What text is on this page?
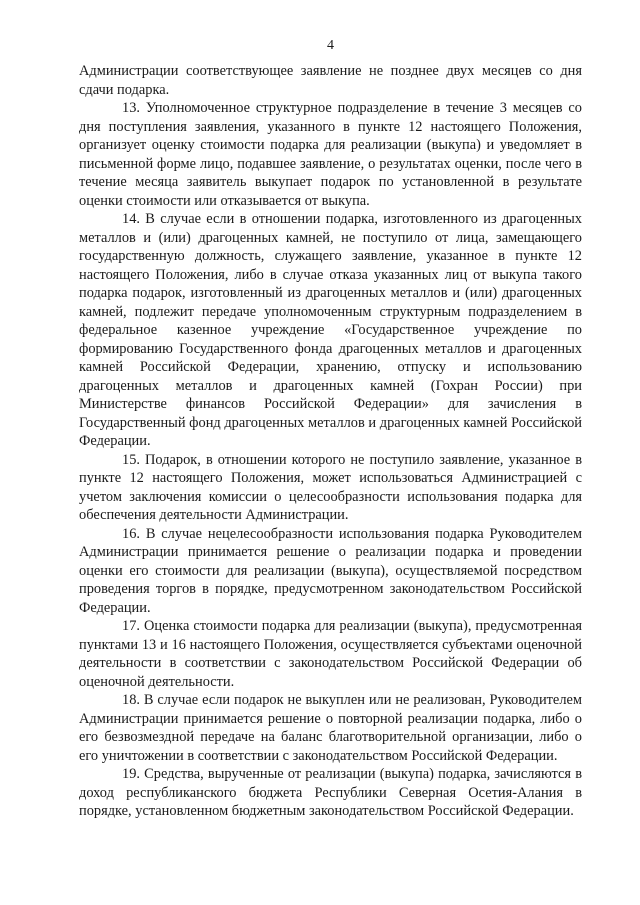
4

Администрации соответствующее заявление не позднее двух месяцев со дня сдачи подарка.

13. Уполномоченное структурное подразделение в течение 3 месяцев со дня поступления заявления, указанного в пункте 12 настоящего Положения, организует оценку стоимости подарка для реализации (выкупа) и уведомляет в письменной форме лицо, подавшее заявление, о результатах оценки, после чего в течение месяца заявитель выкупает подарок по установленной в результате оценки стоимости или отказывается от выкупа.

14. В случае если в отношении подарка, изготовленного из драгоценных металлов и (или) драгоценных камней, не поступило от лица, замещающего государственную должность, служащего заявление, указанное в пункте 12 настоящего Положения, либо в случае отказа указанных лиц от выкупа такого подарка подарок, изготовленный из драгоценных металлов и (или) драгоценных камней, подлежит передаче уполномоченным структурным подразделением в федеральное казенное учреждение «Государственное учреждение по формированию Государственного фонда драгоценных металлов и драгоценных камней Российской Федерации, хранению, отпуску и использованию драгоценных металлов и драгоценных камней (Гохран России) при Министерстве финансов Российской Федерации» для зачисления в Государственный фонд драгоценных металлов и драгоценных камней Российской Федерации.

15. Подарок, в отношении которого не поступило заявление, указанное в пункте 12 настоящего Положения, может использоваться Администрацией с учетом заключения комиссии о целесообразности использования подарка для обеспечения деятельности Администрации.

16. В случае нецелесообразности использования подарка Руководителем Администрации принимается решение о реализации подарка и проведении оценки его стоимости для реализации (выкупа), осуществляемой посредством проведения торгов в порядке, предусмотренном законодательством Российской Федерации.

17. Оценка стоимости подарка для реализации (выкупа), предусмотренная пунктами 13 и 16 настоящего Положения, осуществляется субъектами оценочной деятельности в соответствии с законодательством Российской Федерации об оценочной деятельности.

18. В случае если подарок не выкуплен или не реализован, Руководителем Администрации принимается решение о повторной реализации подарка, либо о его безвозмездной передаче на баланс благотворительной организации, либо о его уничтожении в соответствии с законодательством Российской Федерации.

19. Средства, вырученные от реализации (выкупа) подарка, зачисляются в доход республиканского бюджета Республики Северная Осетия-Алания в порядке, установленном бюджетным законодательством Российской Федерации.
